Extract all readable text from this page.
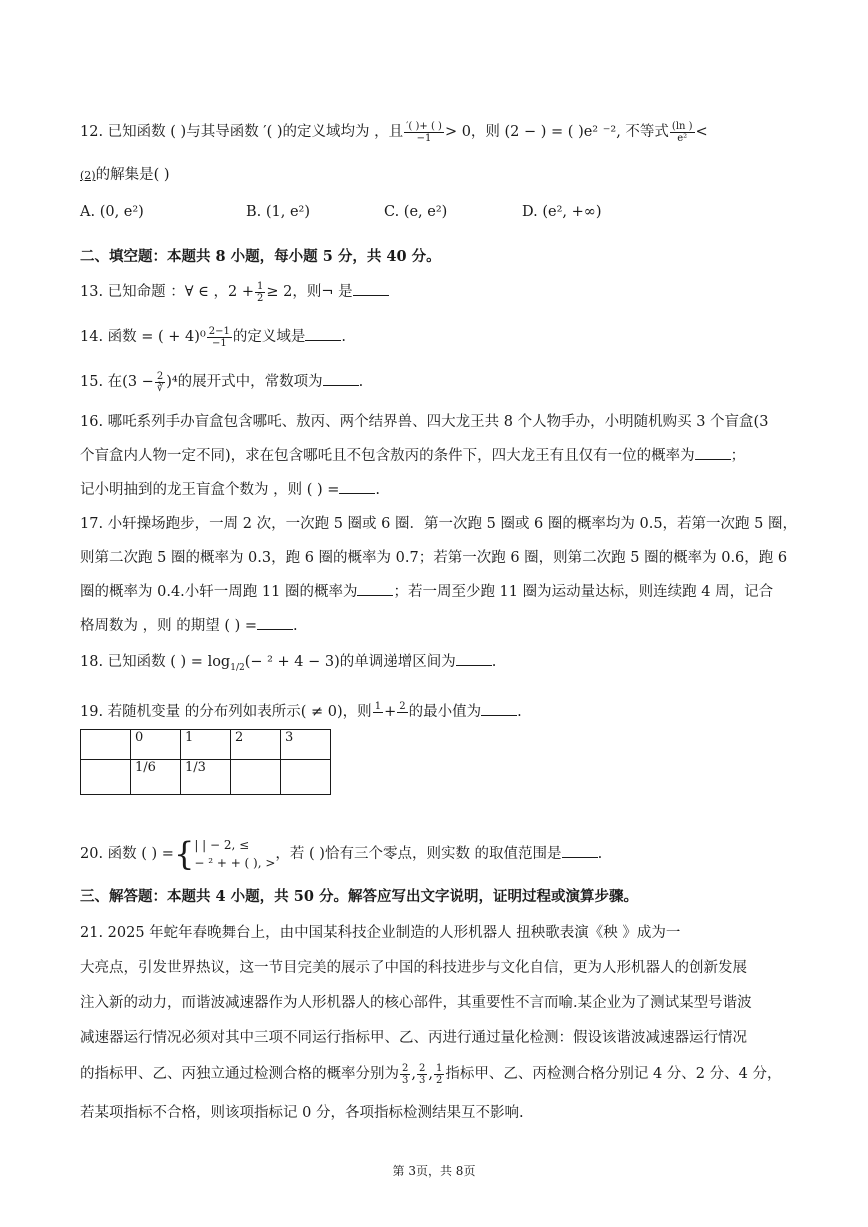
12. 已知函数 ( )与其导函数 ′( )的定义域均为 ，且 $\frac{'( )+ ( )}{-1} > 0$，则 (2 − ) = ( )e² ⁻², 不等式 $\frac{(\ln )}{\text{e²}}$ <
(2)的解集是( )
A. (0, e²)	B. (1, e²)	C. (e, e²)	D. (e², +∞)
二、填空题：本题共 8 小题，每小题 5 分，共 40 分。
13. 已知命题 ：∀ ∈ ，$2 + \frac{1}{2} \ge 2$，则¬ 是
14. 函数 = ( + $4)^0 \frac{2-1}{-1}$ 的定义域是 .
15. 在$(3 - \frac{2}{∛} )^4$的展开式中，常数项为 .
16. 哪吒系列手办盲盒包含哪吒、敖丙、两个结界兽、四大龙王共 8 个人物手办，小明随机购买 3 个盲盒(3
个盲盒内人物一定不同)，求在包含哪吒且不包含敖丙的条件下，四大龙王有且仅有一位的概率为 ；
记小明抽到的龙王盲盒个数为 ，则 ( ) = .
17. 小轩操场跑步，一周 2 次，一次跑 5 圈或 6 圈．第一次跑 5 圈或 6 圈的概率均为 0.5，若第一次跑 5 圈，
则第二次跑 5 圈的概率为 0.3，跑 6 圈的概率为 0.7；若第一次跑 6 圈，则第二次跑 5 圈的概率为 0.6，跑 6
圈的概率为 0.4.小轩一周跑 11 圈的概率为 ；若一周至少跑 11 圈为运动量达标，则连续跑 4 周，记合
格周数为 ，则 的期望 ( ) = .
18. 已知函数 ( ) = $\log_{1/2}(- ^2 + 4 - 3)$的单调递增区间为 .
19. 若随机变量 的分布列如表所示( ≠ 0)，则 1
+ 2
的最小值为 .
	0	1	2	3
	1/6	1/3		
20. 函数 ( ) ={ | | − 2, ≤
− ² + + ( ), >
，若 ( )恰有三个零点，则实数 的取值范围是 .
三、解答题：本题共 4 小题，共 50 分。解答应写出文字说明，证明过程或演算步骤。
21. 2025 年蛇年春晚舞台上，由中国某科技企业制造的人形机器人 扭秧歌表演《秧 》成为一
大亮点，引发世界热议，这一节目完美的展示了中国的科技进步与文化自信，更为人形机器人的创新发展
注入新的动力，而谐波减速器作为人形机器人的核心部件，其重要性不言而喻.某企业为了测试某型号谐波
减速器运行情况必须对其中三项不同运行指标甲、乙、丙进行通过量化检测：假设该谐波减速器运行情况
的指标甲、乙、丙独立通过检测合格的概率分别为 $\frac{2}{3}$ , $\frac{2}{3}$ , $\frac{1}{2}$ 指标甲、乙、丙检测合格分别记 4 分、2 分、4 分，
若某项指标不合格，则该项指标记 0 分，各项指标检测结果互不影响.
第 3页，共 8页
